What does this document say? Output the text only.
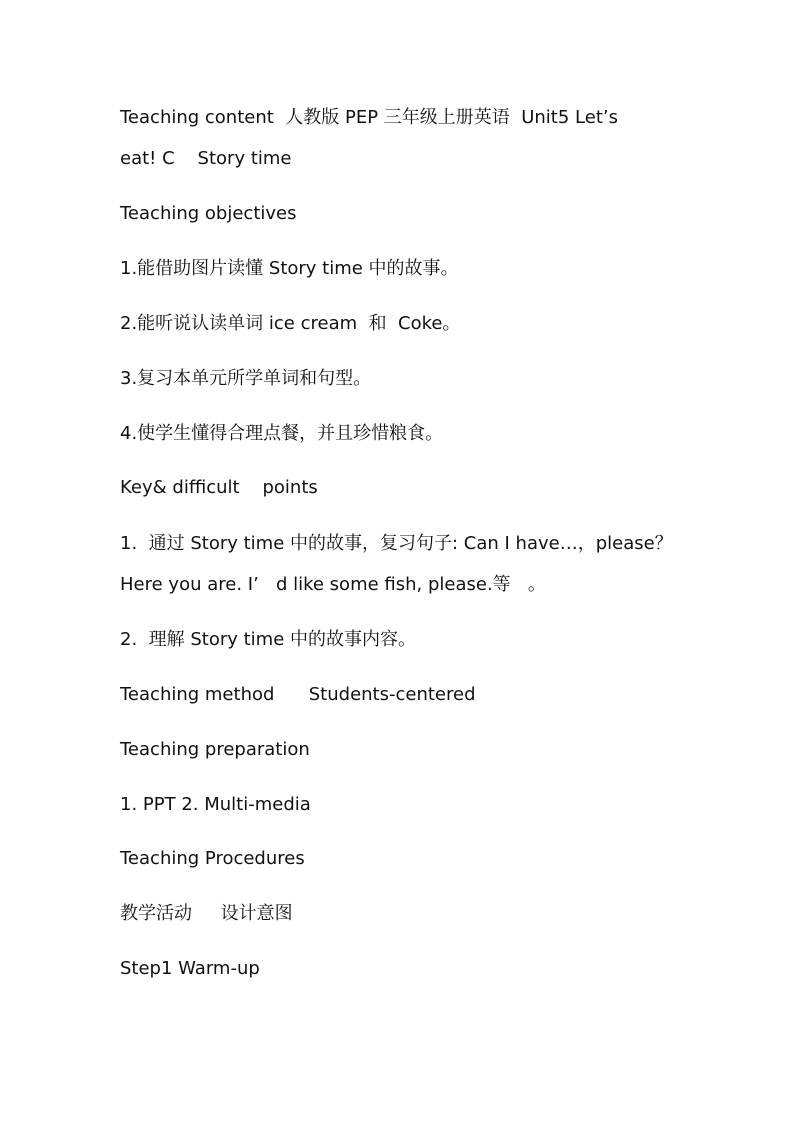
Teaching content  人教版 PEP 三年级上册英语  Unit5 Let’s
eat! C    Story time
Teaching objectives
1.能借助图片读懂 Story time 中的故事。
2.能听说认读单词 ice cream  和  Coke。
3.复习本单元所学单词和句型。
4.使学生懂得合理点餐，并且珍惜粮食。
Key& difficult    points
1.  通过 Story time 中的故事，复习句子: Can I have…，please？
Here you are. I’   d like some fish, please.等   。
2.  理解 Story time 中的故事内容。
Teaching method      Students-centered
Teaching preparation
1. PPT 2. Multi-media
Teaching Procedures
教学活动     设计意图
Step1 Warm-up
